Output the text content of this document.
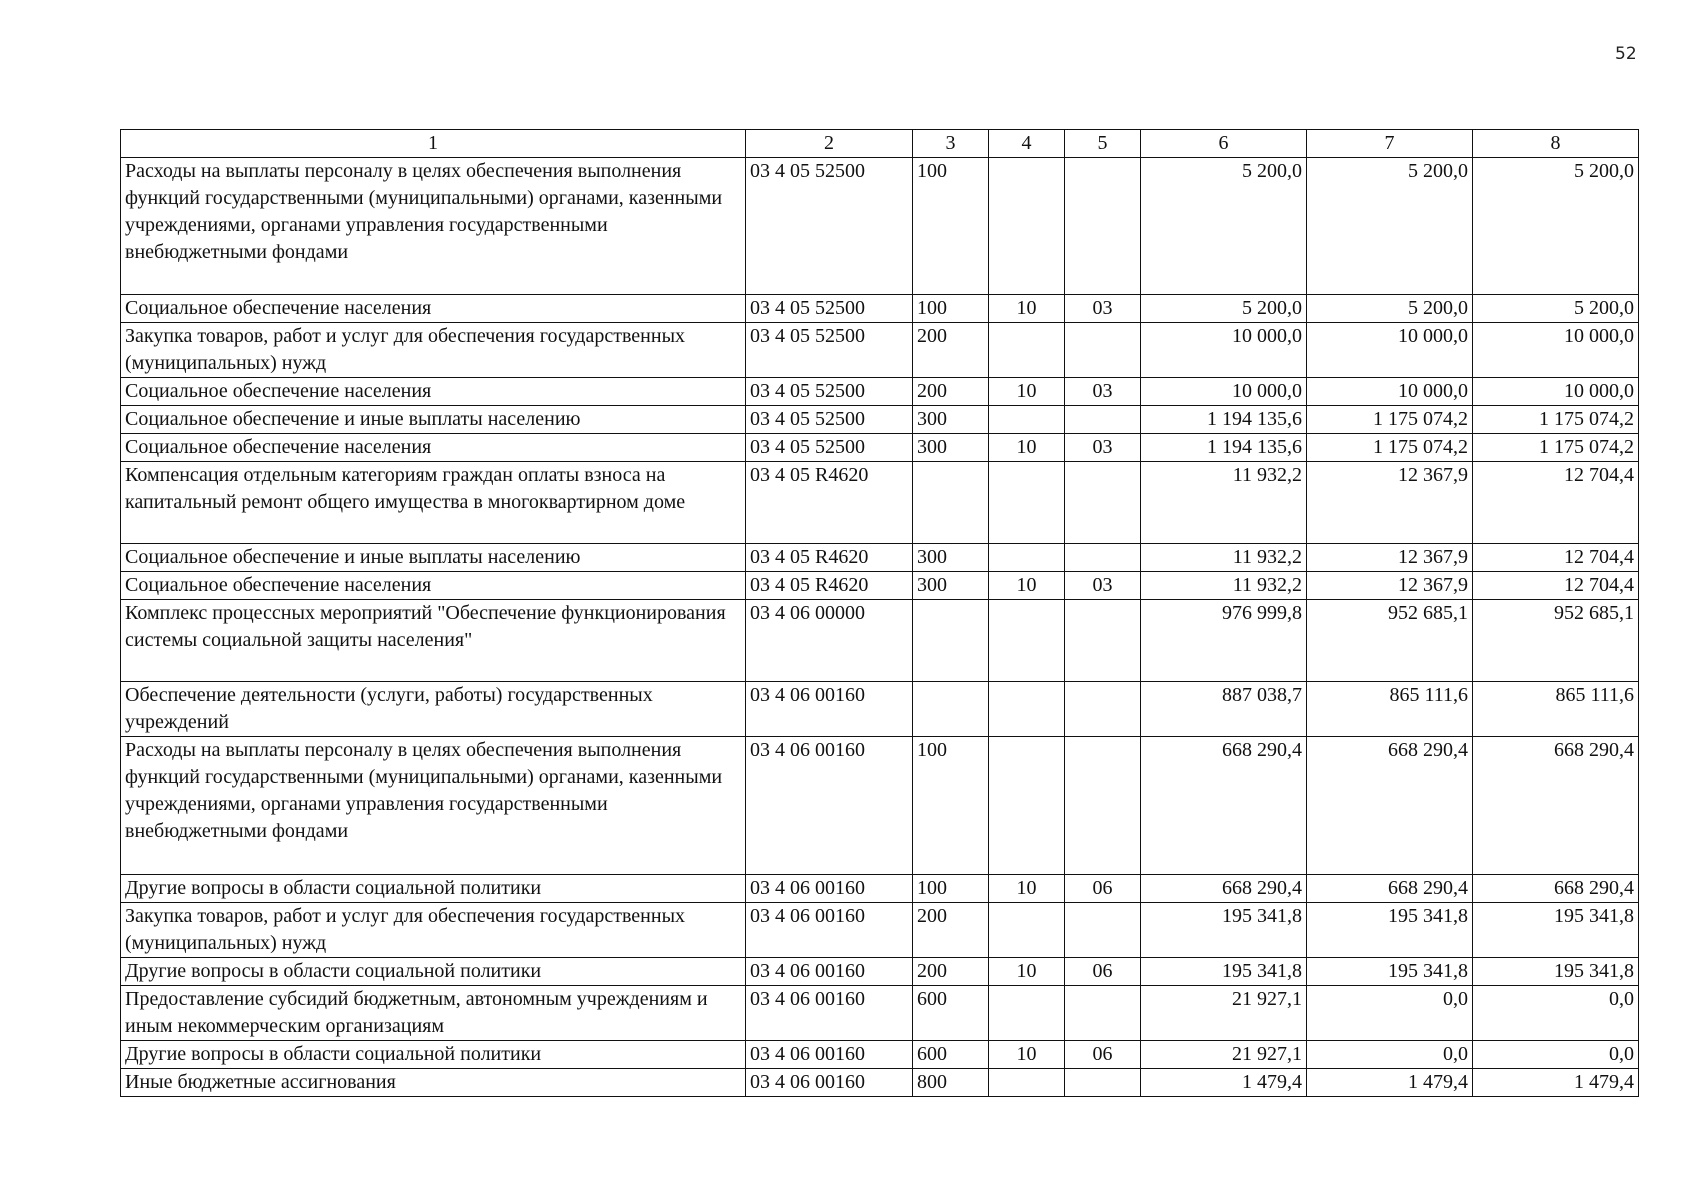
52
1	2	3	4	5	6	7	8
Расходы на выплаты персоналу в целях обеспечения выполнения функций государственными (муниципальными) органами, казенными учреждениями, органами управления государственными внебюджетными фондами	03 4 05 52500	100			5 200,0	5 200,0	5 200,0
Социальное обеспечение населения	03 4 05 52500	100	10	03	5 200,0	5 200,0	5 200,0
Закупка товаров, работ и услуг для обеспечения государственных (муниципальных) нужд	03 4 05 52500	200			10 000,0	10 000,0	10 000,0
Социальное обеспечение населения	03 4 05 52500	200	10	03	10 000,0	10 000,0	10 000,0
Социальное обеспечение и иные выплаты населению	03 4 05 52500	300			1 194 135,6	1 175 074,2	1 175 074,2
Социальное обеспечение населения	03 4 05 52500	300	10	03	1 194 135,6	1 175 074,2	1 175 074,2
Компенсация отдельным категориям граждан оплаты взноса на капитальный ремонт общего имущества в многоквартирном доме	03 4 05 R4620				11 932,2	12 367,9	12 704,4
Социальное обеспечение и иные выплаты населению	03 4 05 R4620	300			11 932,2	12 367,9	12 704,4
Социальное обеспечение населения	03 4 05 R4620	300	10	03	11 932,2	12 367,9	12 704,4
Комплекс процессных мероприятий "Обеспечение функционирования системы социальной защиты населения"	03 4 06 00000				976 999,8	952 685,1	952 685,1
Обеспечение деятельности (услуги, работы) государственных учреждений	03 4 06 00160				887 038,7	865 111,6	865 111,6
Расходы на выплаты персоналу в целях обеспечения выполнения функций государственными (муниципальными) органами, казенными учреждениями, органами управления государственными внебюджетными фондами	03 4 06 00160	100			668 290,4	668 290,4	668 290,4
Другие вопросы в области социальной политики	03 4 06 00160	100	10	06	668 290,4	668 290,4	668 290,4
Закупка товаров, работ и услуг для обеспечения государственных (муниципальных) нужд	03 4 06 00160	200			195 341,8	195 341,8	195 341,8
Другие вопросы в области социальной политики	03 4 06 00160	200	10	06	195 341,8	195 341,8	195 341,8
Предоставление субсидий бюджетным, автономным учреждениям и иным некоммерческим организациям	03 4 06 00160	600			21 927,1	0,0	0,0
Другие вопросы в области социальной политики	03 4 06 00160	600	10	06	21 927,1	0,0	0,0
Иные бюджетные ассигнования	03 4 06 00160	800			1 479,4	1 479,4	1 479,4
